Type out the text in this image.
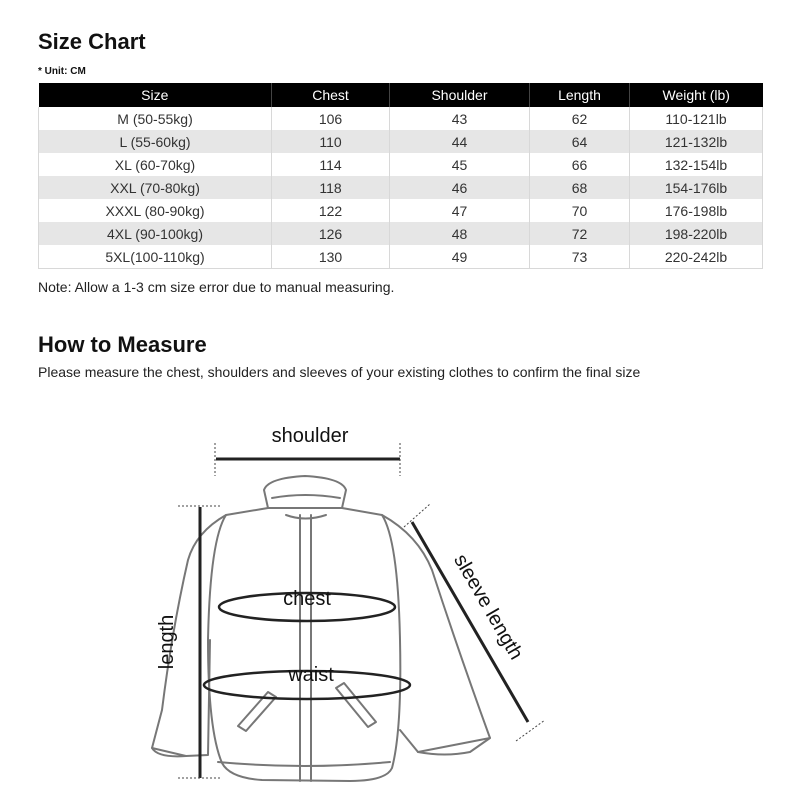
Size Chart
* Unit: CM
Size	Chest	Shoulder	Length	Weight (lb)
M (50-55kg)	106	43	62	110-121lb
L (55-60kg)	110	44	64	121-132lb
XL (60-70kg)	114	45	66	132-154lb
XXL (70-80kg)	118	46	68	154-176lb
XXXL (80-90kg)	122	47	70	176-198lb
4XL (90-100kg)	126	48	72	198-220lb
5XL(100-110kg)	130	49	73	220-242lb
Note: Allow a 1-3 cm size error due to manual measuring.
How to Measure
Please measure the chest, shoulders and sleeves of your existing clothes to confirm the final size
shoulder
chest
waist
length	sleeve length
